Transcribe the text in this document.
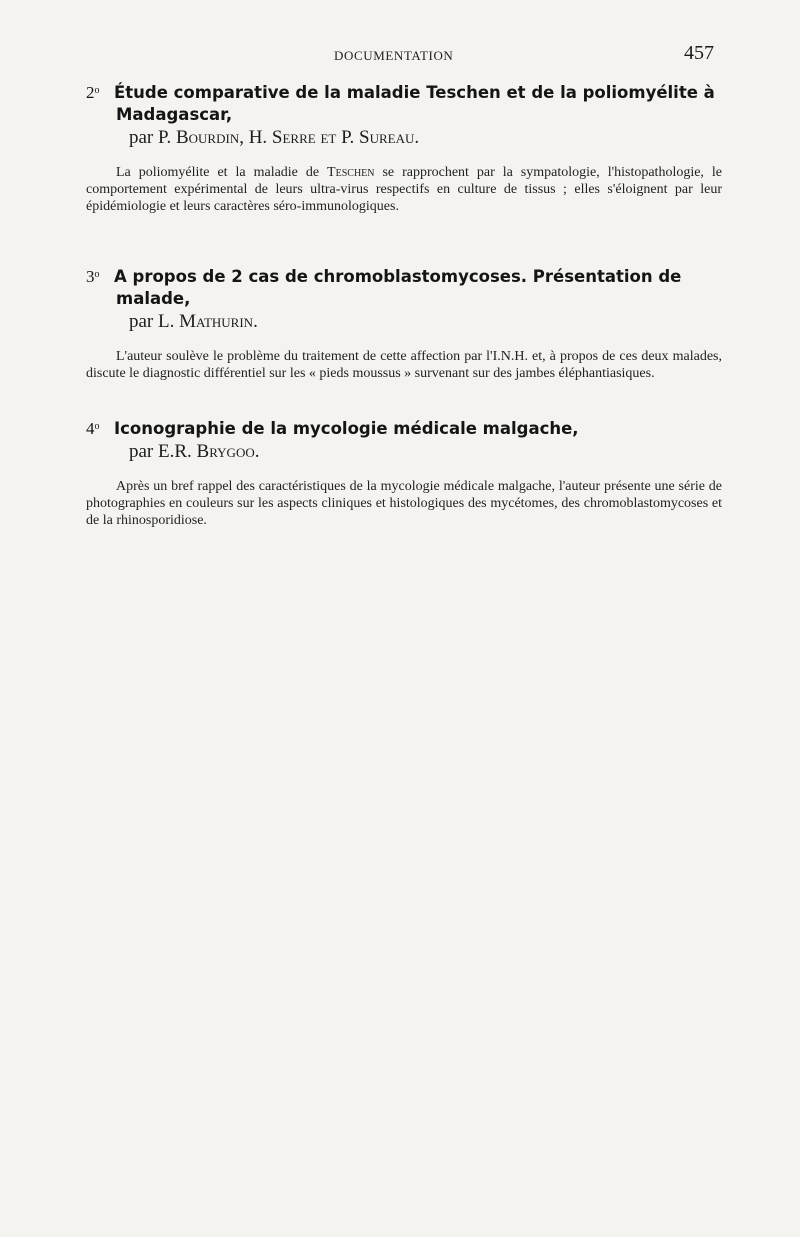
DOCUMENTATION	457
2$^o$ Étude comparative de la maladie Teschen et de la poliomyélite à Madagascar,

par P. Bourdin, H. Serre et P. Sureau.

La poliomyélite et la maladie de Teschen se rapprochent par la sympatologie, l'histopathologie, le comportement expérimental de leurs ultra-virus respectifs en culture de tissus ; elles s'éloignent par leur épidémiologie et leurs caractères séro-immunologiques.

3$^o$ A propos de 2 cas de chromoblastomycoses. Présentation de malade,

par L. Mathurin.

L'auteur soulève le problème du traitement de cette affection par l'I.N.H. et, à propos de ces deux malades, discute le diagnostic différentiel sur les « pieds moussus » survenant sur des jambes éléphantiasiques.

4$^o$ Iconographie de la mycologie médicale malgache,

par E.R. Brygoo.

Après un bref rappel des caractéristiques de la mycologie médicale malgache, l'auteur présente une série de photographies en couleurs sur les aspects cliniques et histologiques des mycétomes, des chromoblastomycoses et de la rhinosporidiose.
